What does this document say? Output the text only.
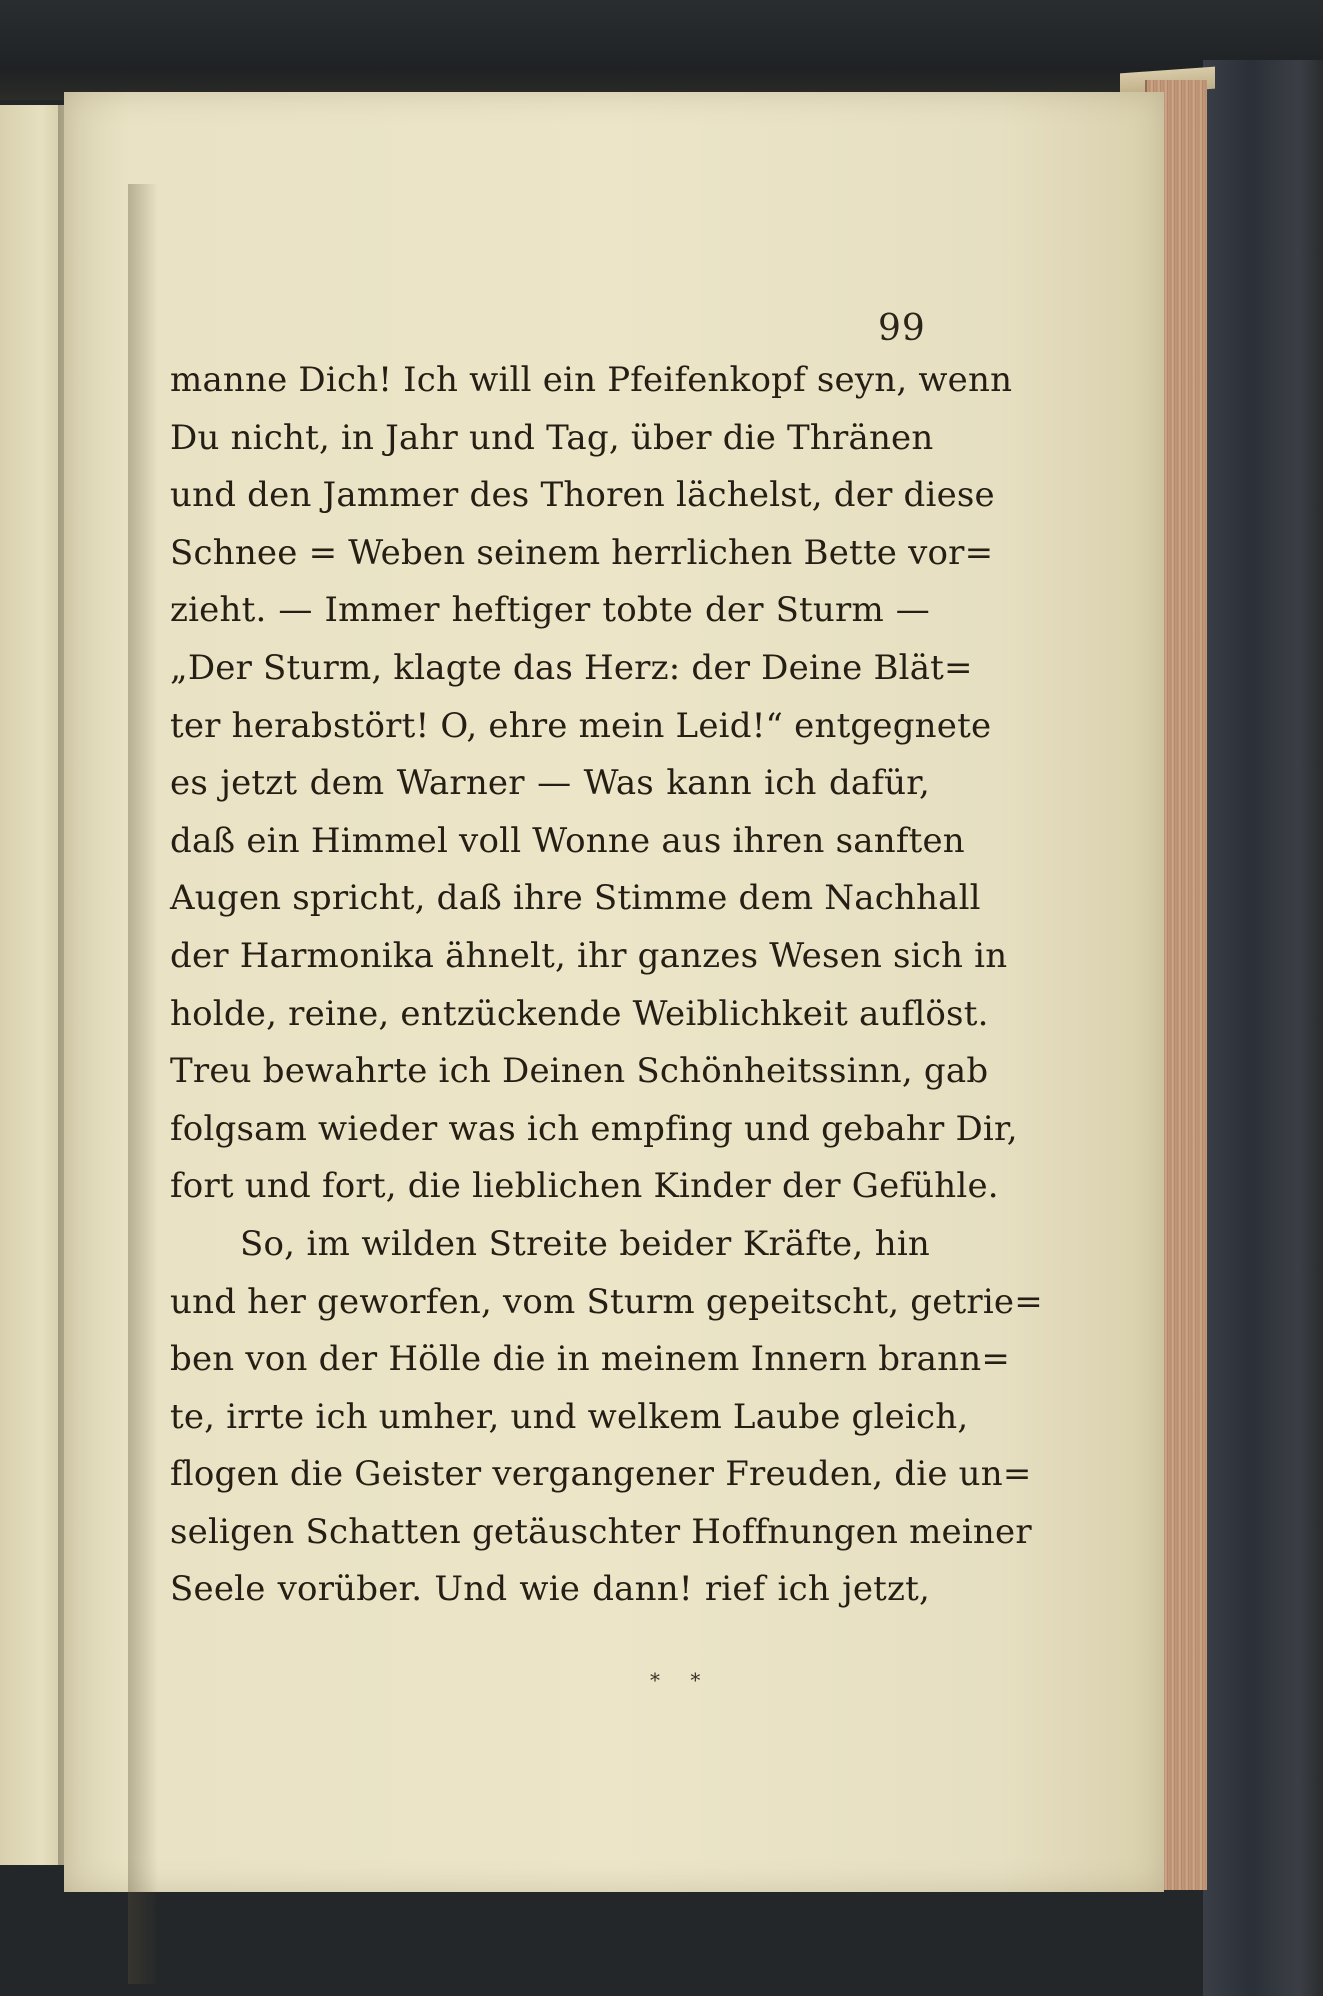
99
manne Dich! Ich will ein Pfeifenkopf seyn, wenn
Du nicht, in Jahr und Tag, über die Thränen
und den Jammer des Thoren lächelst, der diese
Schnee = Weben seinem herrlichen Bette vor=
zieht. — Immer heftiger tobte der Sturm —
„Der Sturm, klagte das Herz: der Deine Blät=
ter herabstört! O, ehre mein Leid!“ entgegnete
es jetzt dem Warner — Was kann ich dafür,
daß ein Himmel voll Wonne aus ihren sanften
Augen spricht, daß ihre Stimme dem Nachhall
der Harmonika ähnelt, ihr ganzes Wesen sich in
holde, reine, entzückende Weiblichkeit auflöst.
Treu bewahrte ich Deinen Schönheitssinn, gab
folgsam wieder was ich empfing und gebahr Dir,
fort und fort, die lieblichen Kinder der Gefühle.
So, im wilden Streite beider Kräfte, hin
und her geworfen, vom Sturm gepeitscht, getrie=
ben von der Hölle die in meinem Innern brann=
te, irrte ich umher, und welkem Laube gleich,
flogen die Geister vergangener Freuden, die un=
seligen Schatten getäuschter Hoffnungen meiner
Seele vorüber. Und wie dann! rief ich jetzt,
* *
